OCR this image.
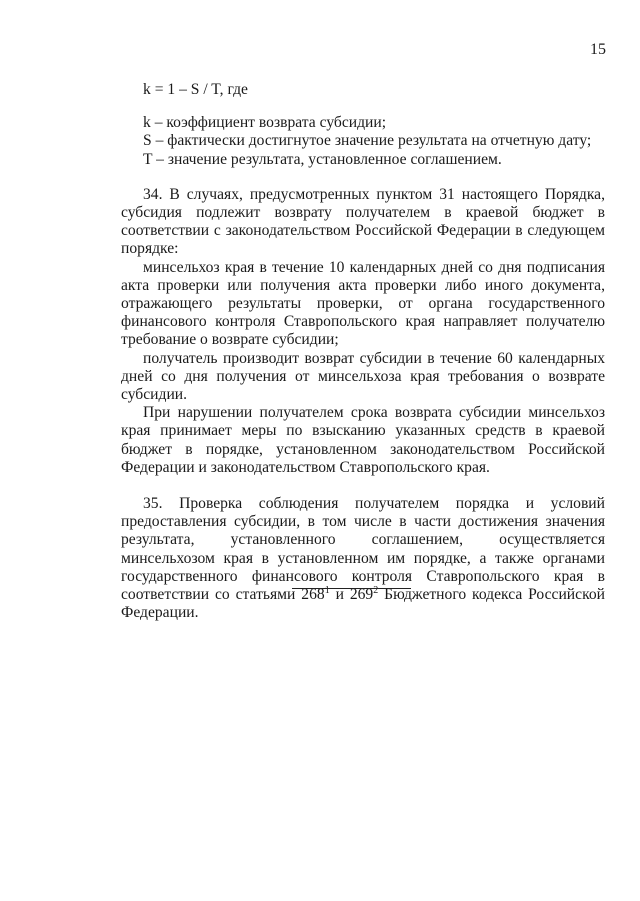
15

k = 1 – S / T, где

k – коэффициент возврата субсидии;

S – фактически достигнутое значение результата на отчетную дату;

T – значение результата, установленное соглашением.

34. В случаях, предусмотренных пунктом 31 настоящего Порядка, субсидия подлежит возврату получателем в краевой бюджет в соответствии с законодательством Российской Федерации в следующем порядке:

минсельхоз края в течение 10 календарных дней со дня подписания акта проверки или получения акта проверки либо иного документа, отражающего результаты проверки, от органа государственного финансового контроля Ставропольского края направляет получателю требование о возврате субсидии;

получатель производит возврат субсидии в течение 60 календарных дней со дня получения от минсельхоза края требования о возврате субсидии.

При нарушении получателем срока возврата субсидии минсельхоз края принимает меры по взысканию указанных средств в краевой бюджет в порядке, установленном законодательством Российской Федерации и законодательством Ставропольского края.

35. Проверка соблюдения получателем порядка и условий предоставления субсидии, в том числе в части достижения значения результата, установленного соглашением, осуществляется минсельхозом края в установленном им порядке, а также органами государственного финансового контроля Ставропольского края в соответствии со статьями $268^1$ и $269^2$ Бюджетного кодекса Российской Федерации.
